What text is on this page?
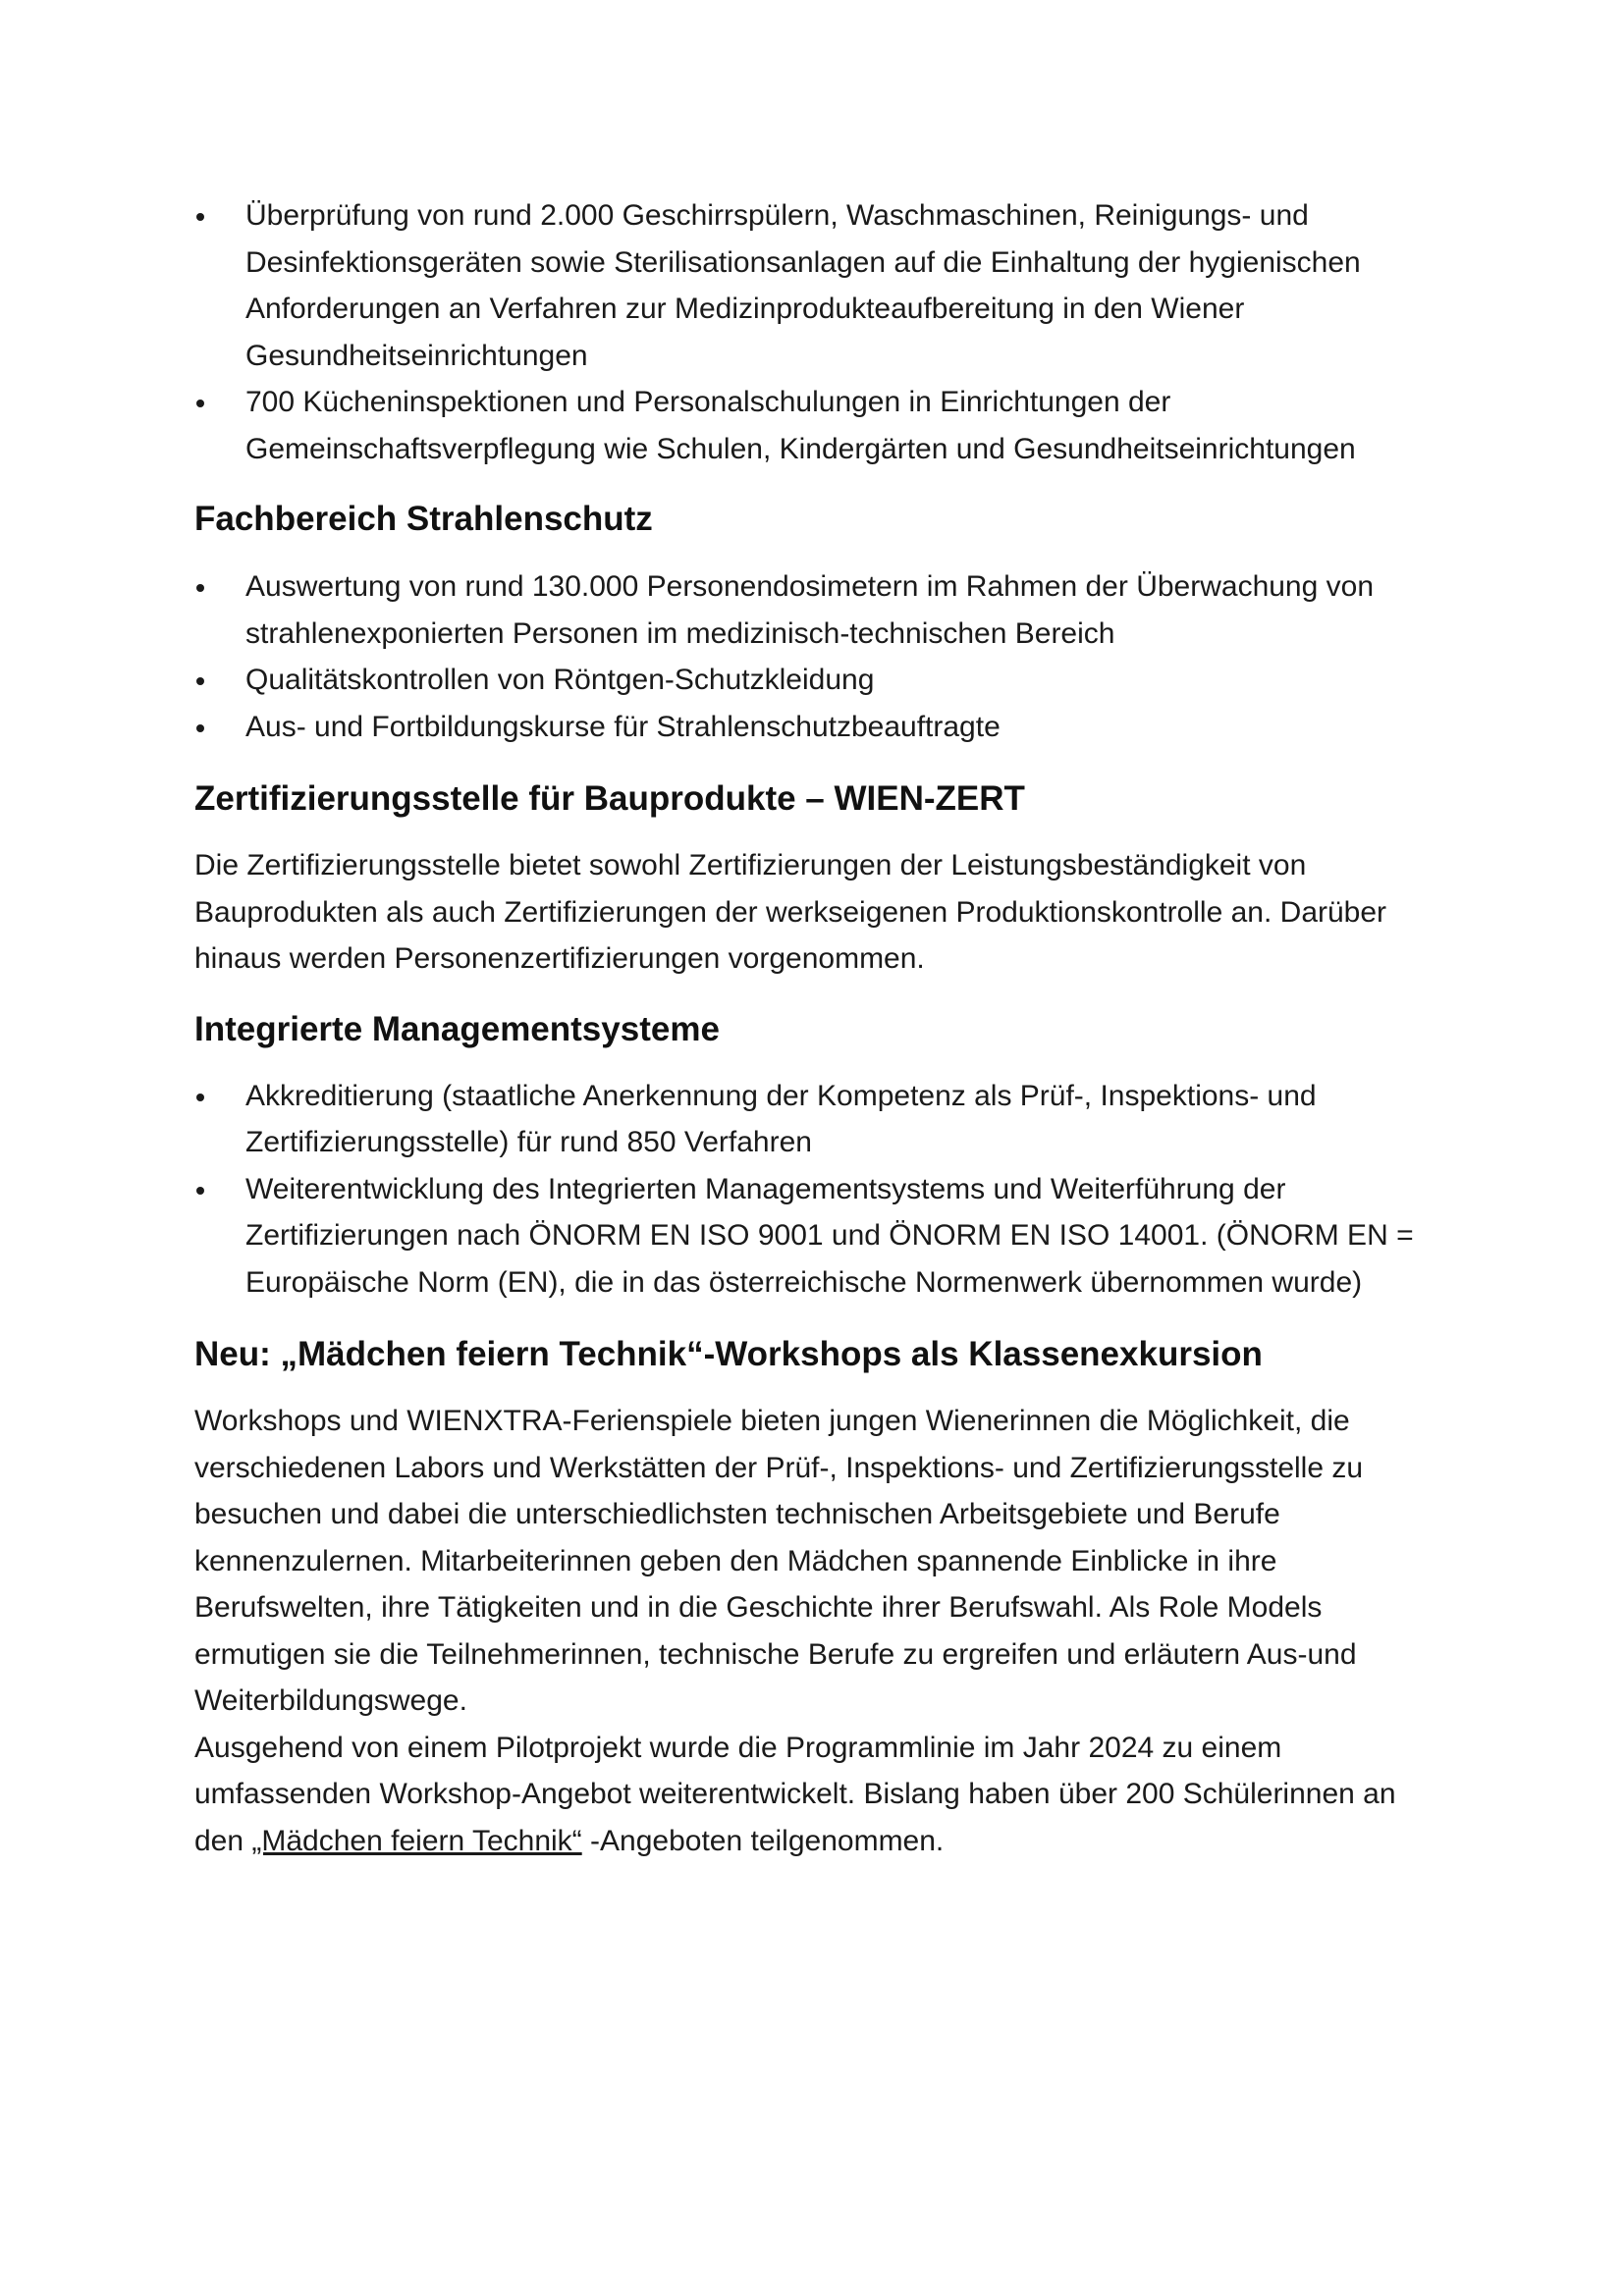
Überprüfung von rund 2.000 Geschirrspülern, Waschmaschinen, Reinigungs- und Desinfektionsgeräten sowie Sterilisationsanlagen auf die Einhaltung der hygienischen Anforderungen an Verfahren zur Medizinprodukteaufbereitung in den Wiener Gesundheitseinrichtungen
700 Kücheninspektionen und Personalschulungen in Einrichtungen der Gemeinschaftsverpflegung wie Schulen, Kindergärten und Gesundheitseinrichtungen
Fachbereich Strahlenschutz
Auswertung von rund 130.000 Personendosimetern im Rahmen der Überwachung von strahlenexponierten Personen im medizinisch-technischen Bereich
Qualitätskontrollen von Röntgen-Schutzkleidung
Aus- und Fortbildungskurse für Strahlenschutzbeauftragte
Zertifizierungsstelle für Bauprodukte – WIEN-ZERT

Die Zertifizierungsstelle bietet sowohl Zertifizierungen der Leistungsbeständigkeit von Bauprodukten als auch Zertifizierungen der werkseigenen Produktionskontrolle an. Darüber hinaus werden Personenzertifizierungen vorgenommen.

Integrierte Managementsysteme
Akkreditierung (staatliche Anerkennung der Kompetenz als Prüf-, Inspektions- und Zertifizierungsstelle) für rund 850 Verfahren
Weiterentwicklung des Integrierten Managementsystems und Weiterführung der Zertifizierungen nach ÖNORM EN ISO 9001 und ÖNORM EN ISO 14001. (ÖNORM EN = Europäische Norm (EN), die in das österreichische Normenwerk übernommen wurde)
Neu: „Mädchen feiern Technik“-Workshops als Klassenexkursion

Workshops und WIENXTRA-Ferienspiele bieten jungen Wienerinnen die Möglichkeit, die verschiedenen Labors und Werkstätten der Prüf-, Inspektions- und Zertifizierungsstelle zu besuchen und dabei die unterschiedlichsten technischen Arbeitsgebiete und Berufe kennenzulernen. Mitarbeiterinnen geben den Mädchen spannende Einblicke in ihre Berufswelten, ihre Tätigkeiten und in die Geschichte ihrer Berufswahl. Als Role Models ermutigen sie die Teilnehmerinnen, technische Berufe zu ergreifen und erläutern Aus-und Weiterbildungswege.

Ausgehend von einem Pilotprojekt wurde die Programmlinie im Jahr 2024 zu einem umfassenden Workshop-Angebot weiterentwickelt. Bislang haben über 200 Schülerinnen an den „Mädchen feiern Technik“ -Angeboten teilgenommen.
